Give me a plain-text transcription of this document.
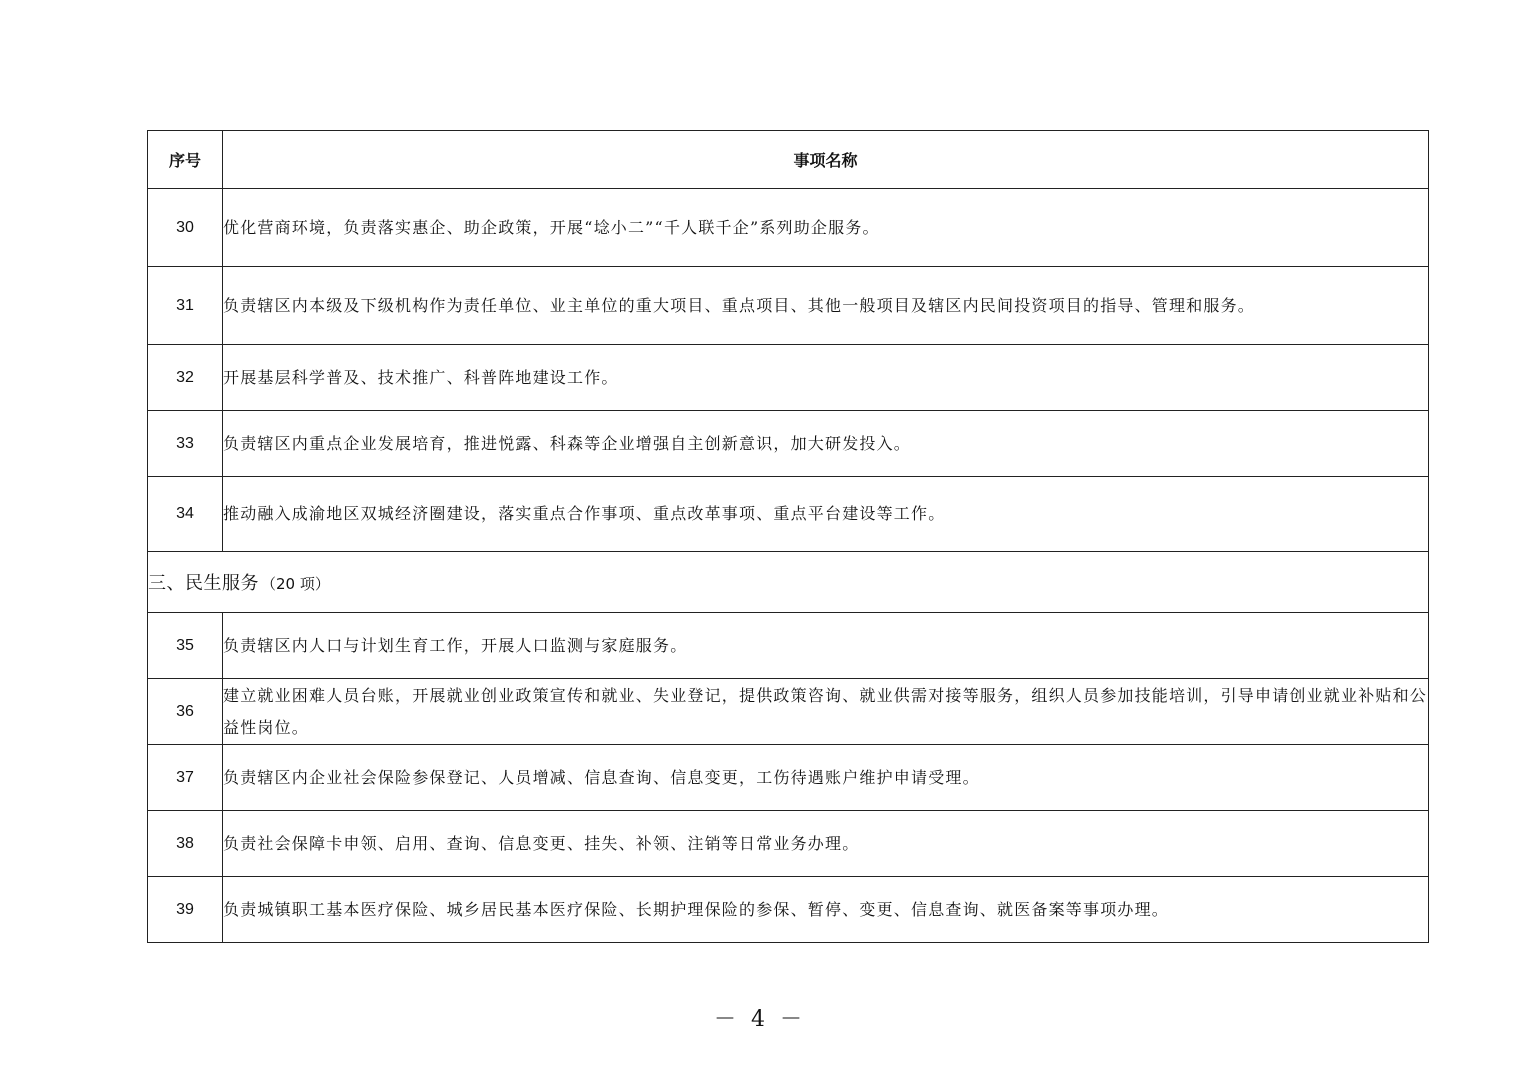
序号	事项名称
30	优化营商环境，负责落实惠企、助企政策，开展“埝小二”“千人联千企”系列助企服务。
31	负责辖区内本级及下级机构作为责任单位、业主单位的重大项目、重点项目、其他一般项目及辖区内民间投资项目的指导、管理和服务。
32	开展基层科学普及、技术推广、科普阵地建设工作。
33	负责辖区内重点企业发展培育，推进悦露、科森等企业增强自主创新意识，加大研发投入。
34	推动融入成渝地区双城经济圈建设，落实重点合作事项、重点改革事项、重点平台建设等工作。
三、民生服务 （20 项）	
35	负责辖区内人口与计划生育工作，开展人口监测与家庭服务。
36	建立就业困难人员台账，开展就业创业政策宣传和就业、失业登记，提供政策咨询、就业供需对接等服务，组织人员参加技能培训，引导申请创业就业补贴和公益性岗位。
37	负责辖区内企业社会保险参保登记、人员增减、信息查询、信息变更，工伤待遇账户维护申请受理。
38	负责社会保障卡申领、启用、查询、信息变更、挂失、补领、注销等日常业务办理。
39	负责城镇职工基本医疗保险、城乡居民基本医疗保险、长期护理保险的参保、暂停、变更、信息查询、就医备案等事项办理。
－ 4 －
